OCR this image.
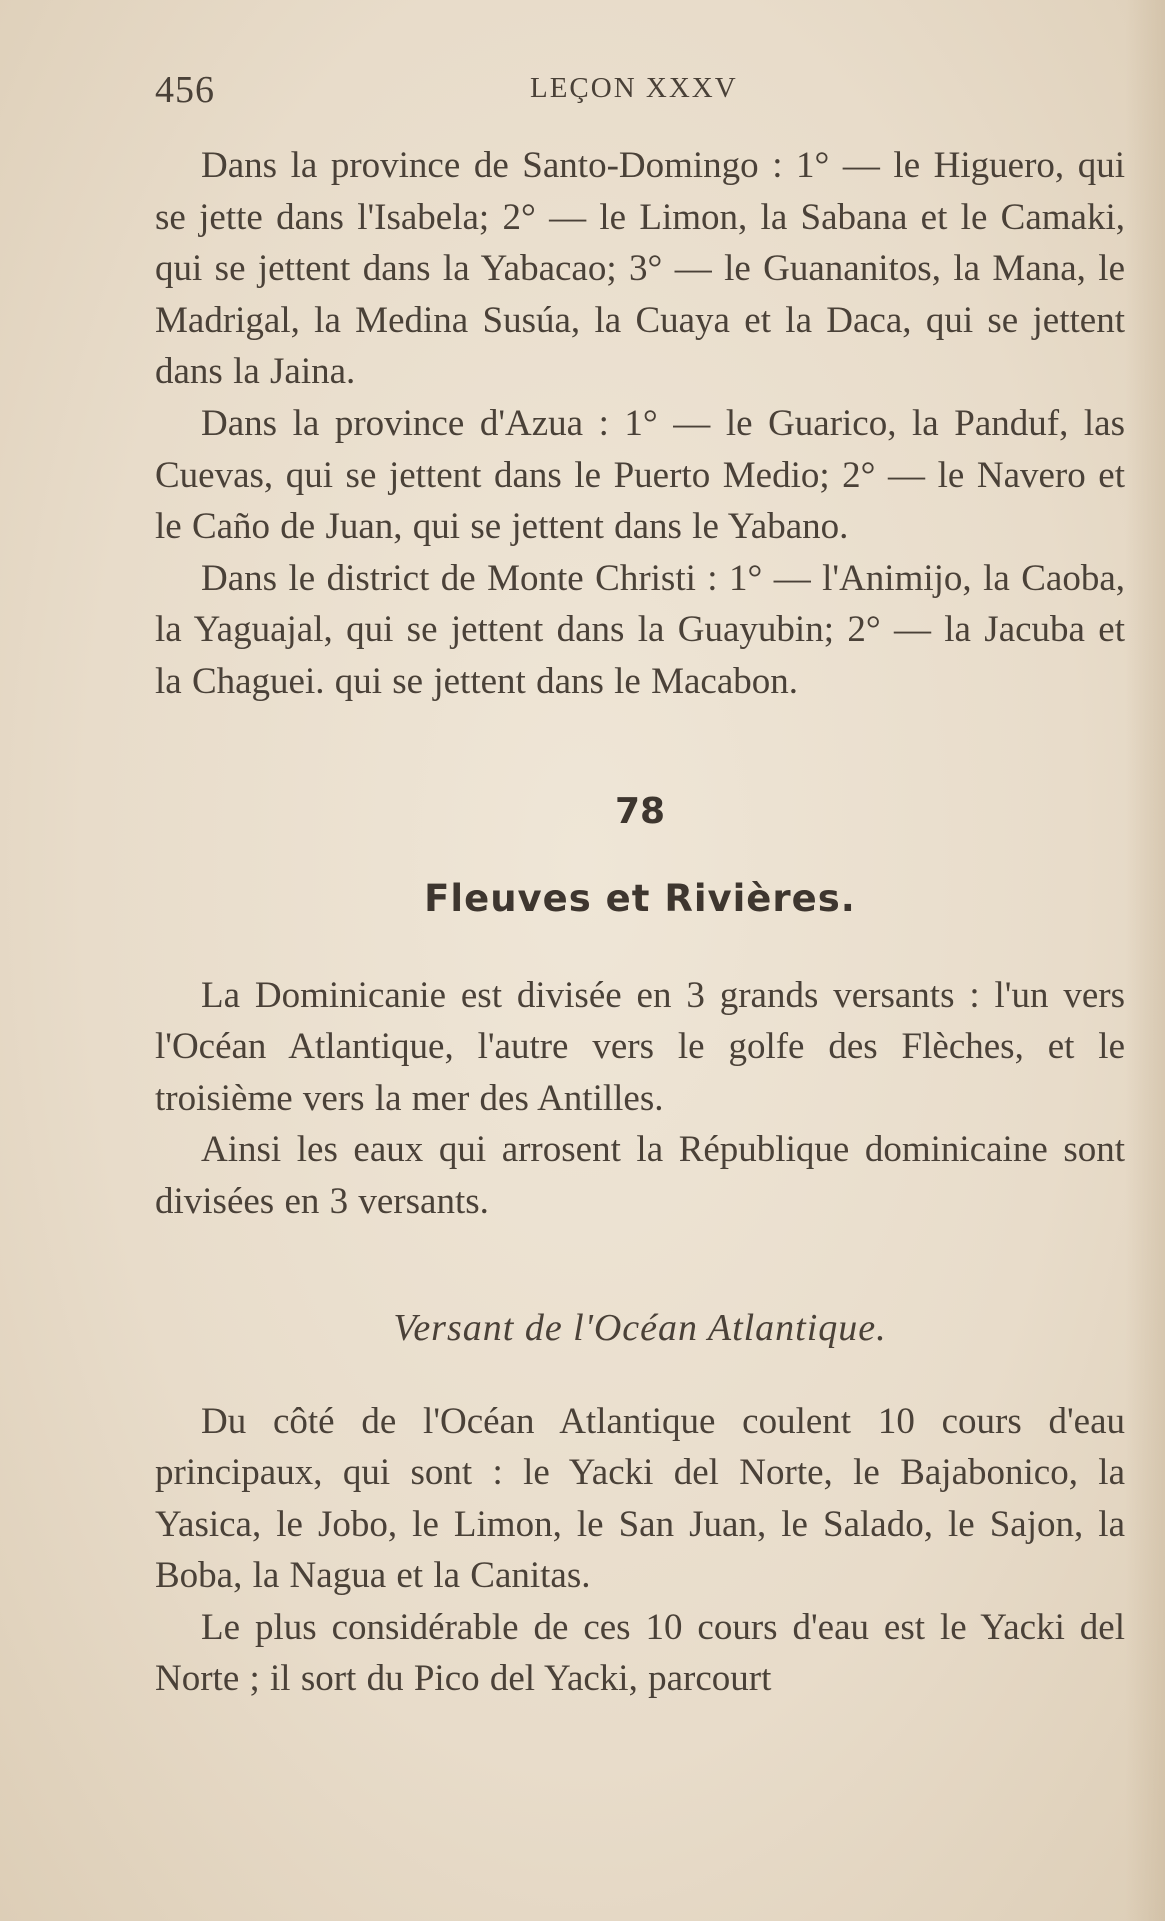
456	LEÇON XXXV

Dans la province de Santo-Domingo : 1° — le Higuero, qui se jette dans l'Isabela; 2° — le Limon, la Sabana et le Camaki, qui se jettent dans la Yabacao; 3° — le Guananitos, la Mana, le Madrigal, la Medina Susúa, la Cuaya et la Daca, qui se jettent dans la Jaina.

Dans la province d'Azua : 1° — le Guarico, la Panduf, las Cuevas, qui se jettent dans le Puerto Medio; 2° — le Navero et le Caño de Juan, qui se jettent dans le Yabano.

Dans le district de Monte Christi : 1° — l'Animijo, la Caoba, la Yaguajal, qui se jettent dans la Guayubin; 2° — la Jacuba et la Chaguei. qui se jettent dans le Macabon.

78
Fleuves et Rivières.

La Dominicanie est divisée en 3 grands versants : l'un vers l'Océan Atlantique, l'autre vers le golfe des Flèches, et le troisième vers la mer des Antilles.

Ainsi les eaux qui arrosent la République dominicaine sont divisées en 3 versants.

Versant de l'Océan Atlantique.

Du côté de l'Océan Atlantique coulent 10 cours d'eau principaux, qui sont : le Yacki del Norte, le Bajabonico, la Yasica, le Jobo, le Limon, le San Juan, le Salado, le Sajon, la Boba, la Nagua et la Canitas.

Le plus considérable de ces 10 cours d'eau est le Yacki del Norte ; il sort du Pico del Yacki, parcourt
